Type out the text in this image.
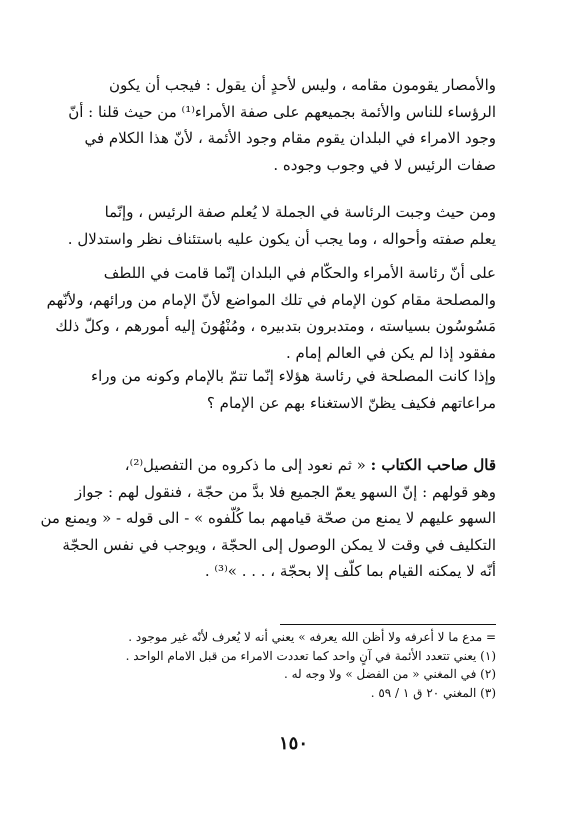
والأمصار يقومون مقامه ، وليس لأحدٍ أن يقول : فيجب أن يكون
الرؤساء للناس والأئمة بجميعهم على صفة الأمراء⁽¹⁾ من حيث قلنا : أنّ
وجود الامراء في البلدان يقوم مقام وجود الأئمة ، لأنّ هذا الكلام في
صفات الرئيس لا في وجوب وجوده .
ومن حيث وجبت الرئاسة في الجملة لا يُعلم صفة الرئيس ، وإنّما
يعلم صفته وأحواله ، وما يجب أن يكون عليه باستئناف نظر واستدلال .
على أنّ رئاسة الأمراء والحكّام في البلدان إنّما قامت في اللطف
والمصلحة مقام كون الإمام في تلك المواضع لأنّ الإمام من ورائهم، ولأنّهم
مَسُوسُون بسياسته ، ومتدبرون بتدبيره ، ومُنْهُونَ إليه أمورهم ، وكلّ ذلك
مفقود إذا لم يكن في العالم إمام .
وإذا كانت المصلحة في رئاسة هؤلاء إنّما تتمّ بالإمام وكونه من وراء
مراعاتهم فكيف يظنّ الاستغناء بهم عن الإمام ؟
قال صاحب الكتاب : « ثم نعود إلى ما ذكروه من التفصيل⁽²⁾،
وهو قولهم : إنّ السهو يعمّ الجميع فلا بدَّ من حجّة ، فنقول لهم : جواز
السهو عليهم لا يمنع من صحّة قيامهم بما كُلّفوه » - الى قوله - « ويمنع من
التكليف في وقت لا يمكن الوصول إلى الحجّة ، ويوجب في نفس الحجّة
أنّه لا يمكنه القيام بما كلّف إلا بحجّة ، . . . »⁽³⁾ .
= مدع ما لا أعرفه ولا أظن الله يعرفه » يعني أنه لا يُعرف لأنّه غير موجود .
(١) يعني تتعدد الأئمة في آنٍ واحد كما تعددت الامراء من قبل الامام الواحد .
(٢) في المغني « من الفضل » ولا وجه له .
(٣) المغني ٢٠ ق ١ / ٥٩ .
١٥٠
